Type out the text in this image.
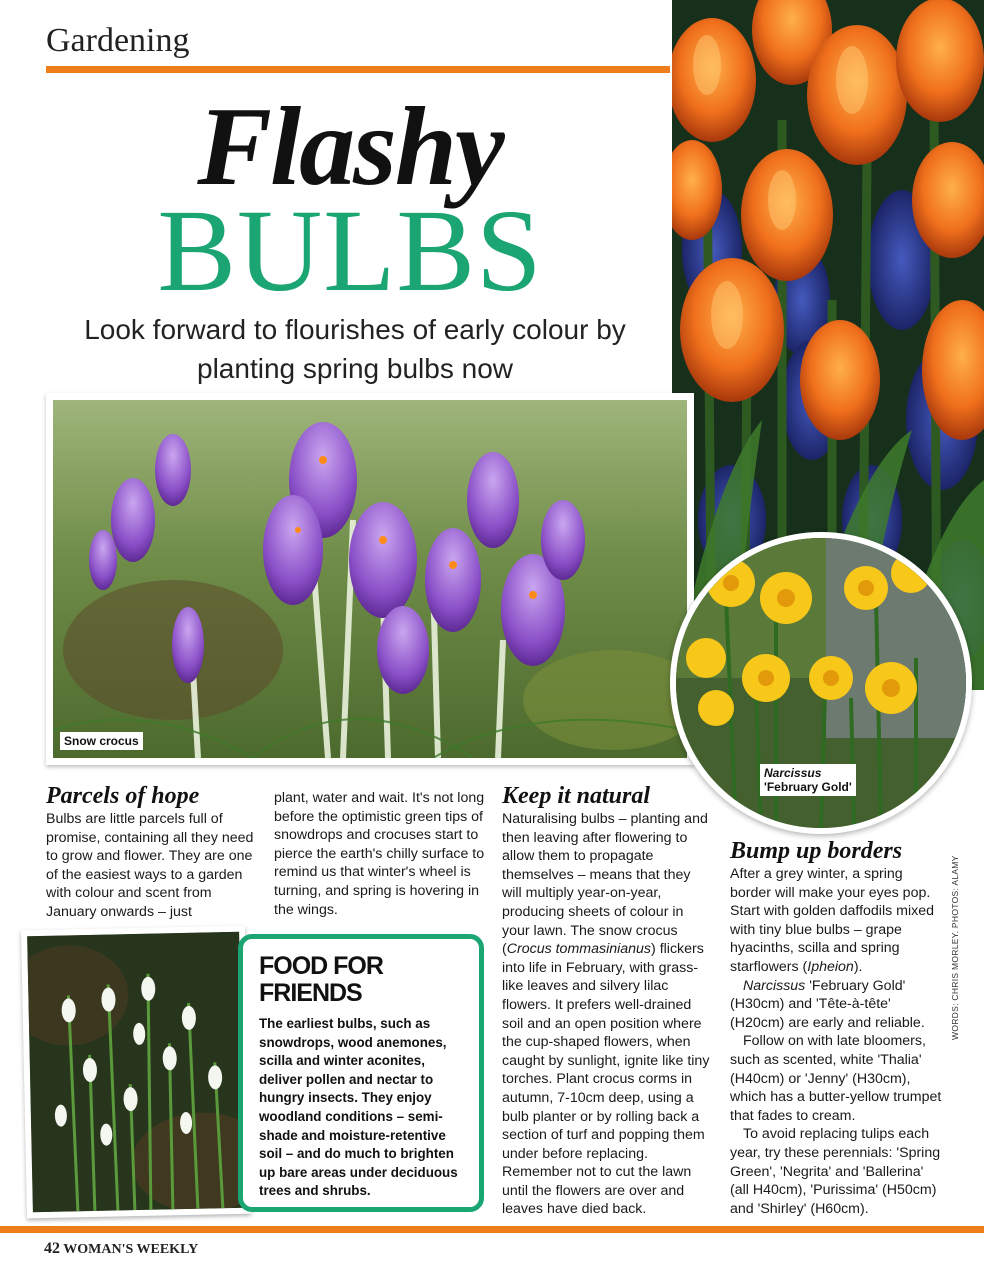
Gardening
Flashy
BULBS
Look forward to flourishes of early colour by planting spring bulbs now
Snow crocus
Narcissus
'February Gold'
Parcels of hope

Bulbs are little parcels full of promise, containing all they need to grow and flower. They are one of the easiest ways to a garden with colour and scent from January onwards – just

plant, water and wait. It's not long before the optimistic green tips of snowdrops and crocuses start to pierce the earth's chilly surface to remind us that winter's wheel is turning, and spring is hovering in the wings.

Keep it natural

Naturalising bulbs – planting and then leaving after flowering to allow them to propagate themselves – means that they will multiply year-on-year, producing sheets of colour in your lawn. The snow crocus (Crocus tommasinianus) flickers into life in February, with grass-like leaves and silvery lilac flowers. It prefers well-drained soil and an open position where the cup-shaped flowers, when caught by sunlight, ignite like tiny torches. Plant crocus corms in autumn, 7-10cm deep, using a bulb planter or by rolling back a section of turf and popping them under before replacing. Remember not to cut the lawn until the flowers are over and leaves have died back.

Bump up borders

After a grey winter, a spring border will make your eyes pop. Start with golden daffodils mixed with tiny blue bulbs – grape hyacinths, scilla and spring starflowers (Ipheion).

Narcissus 'February Gold' (H30cm) and 'Tête-à-tête' (H20cm) are early and reliable.

Follow on with late bloomers, such as scented, white 'Thalia' (H40cm) or 'Jenny' (H30cm), which has a butter-yellow trumpet that fades to cream.

To avoid replacing tulips each year, try these perennials: 'Spring Green', 'Negrita' and 'Ballerina' (all H40cm), 'Purissima' (H50cm) and 'Shirley' (H60cm).

FOOD FOR FRIENDS

The earliest bulbs, such as snowdrops, wood anemones, scilla and winter aconites, deliver pollen and nectar to hungry insects. They enjoy woodland conditions – semi-shade and moisture-retentive soil – and do much to brighten up bare areas under deciduous trees and shrubs.

WORDS: CHRIS MORLEY. PHOTOS: ALAMY
42 WOMAN'S WEEKLY
